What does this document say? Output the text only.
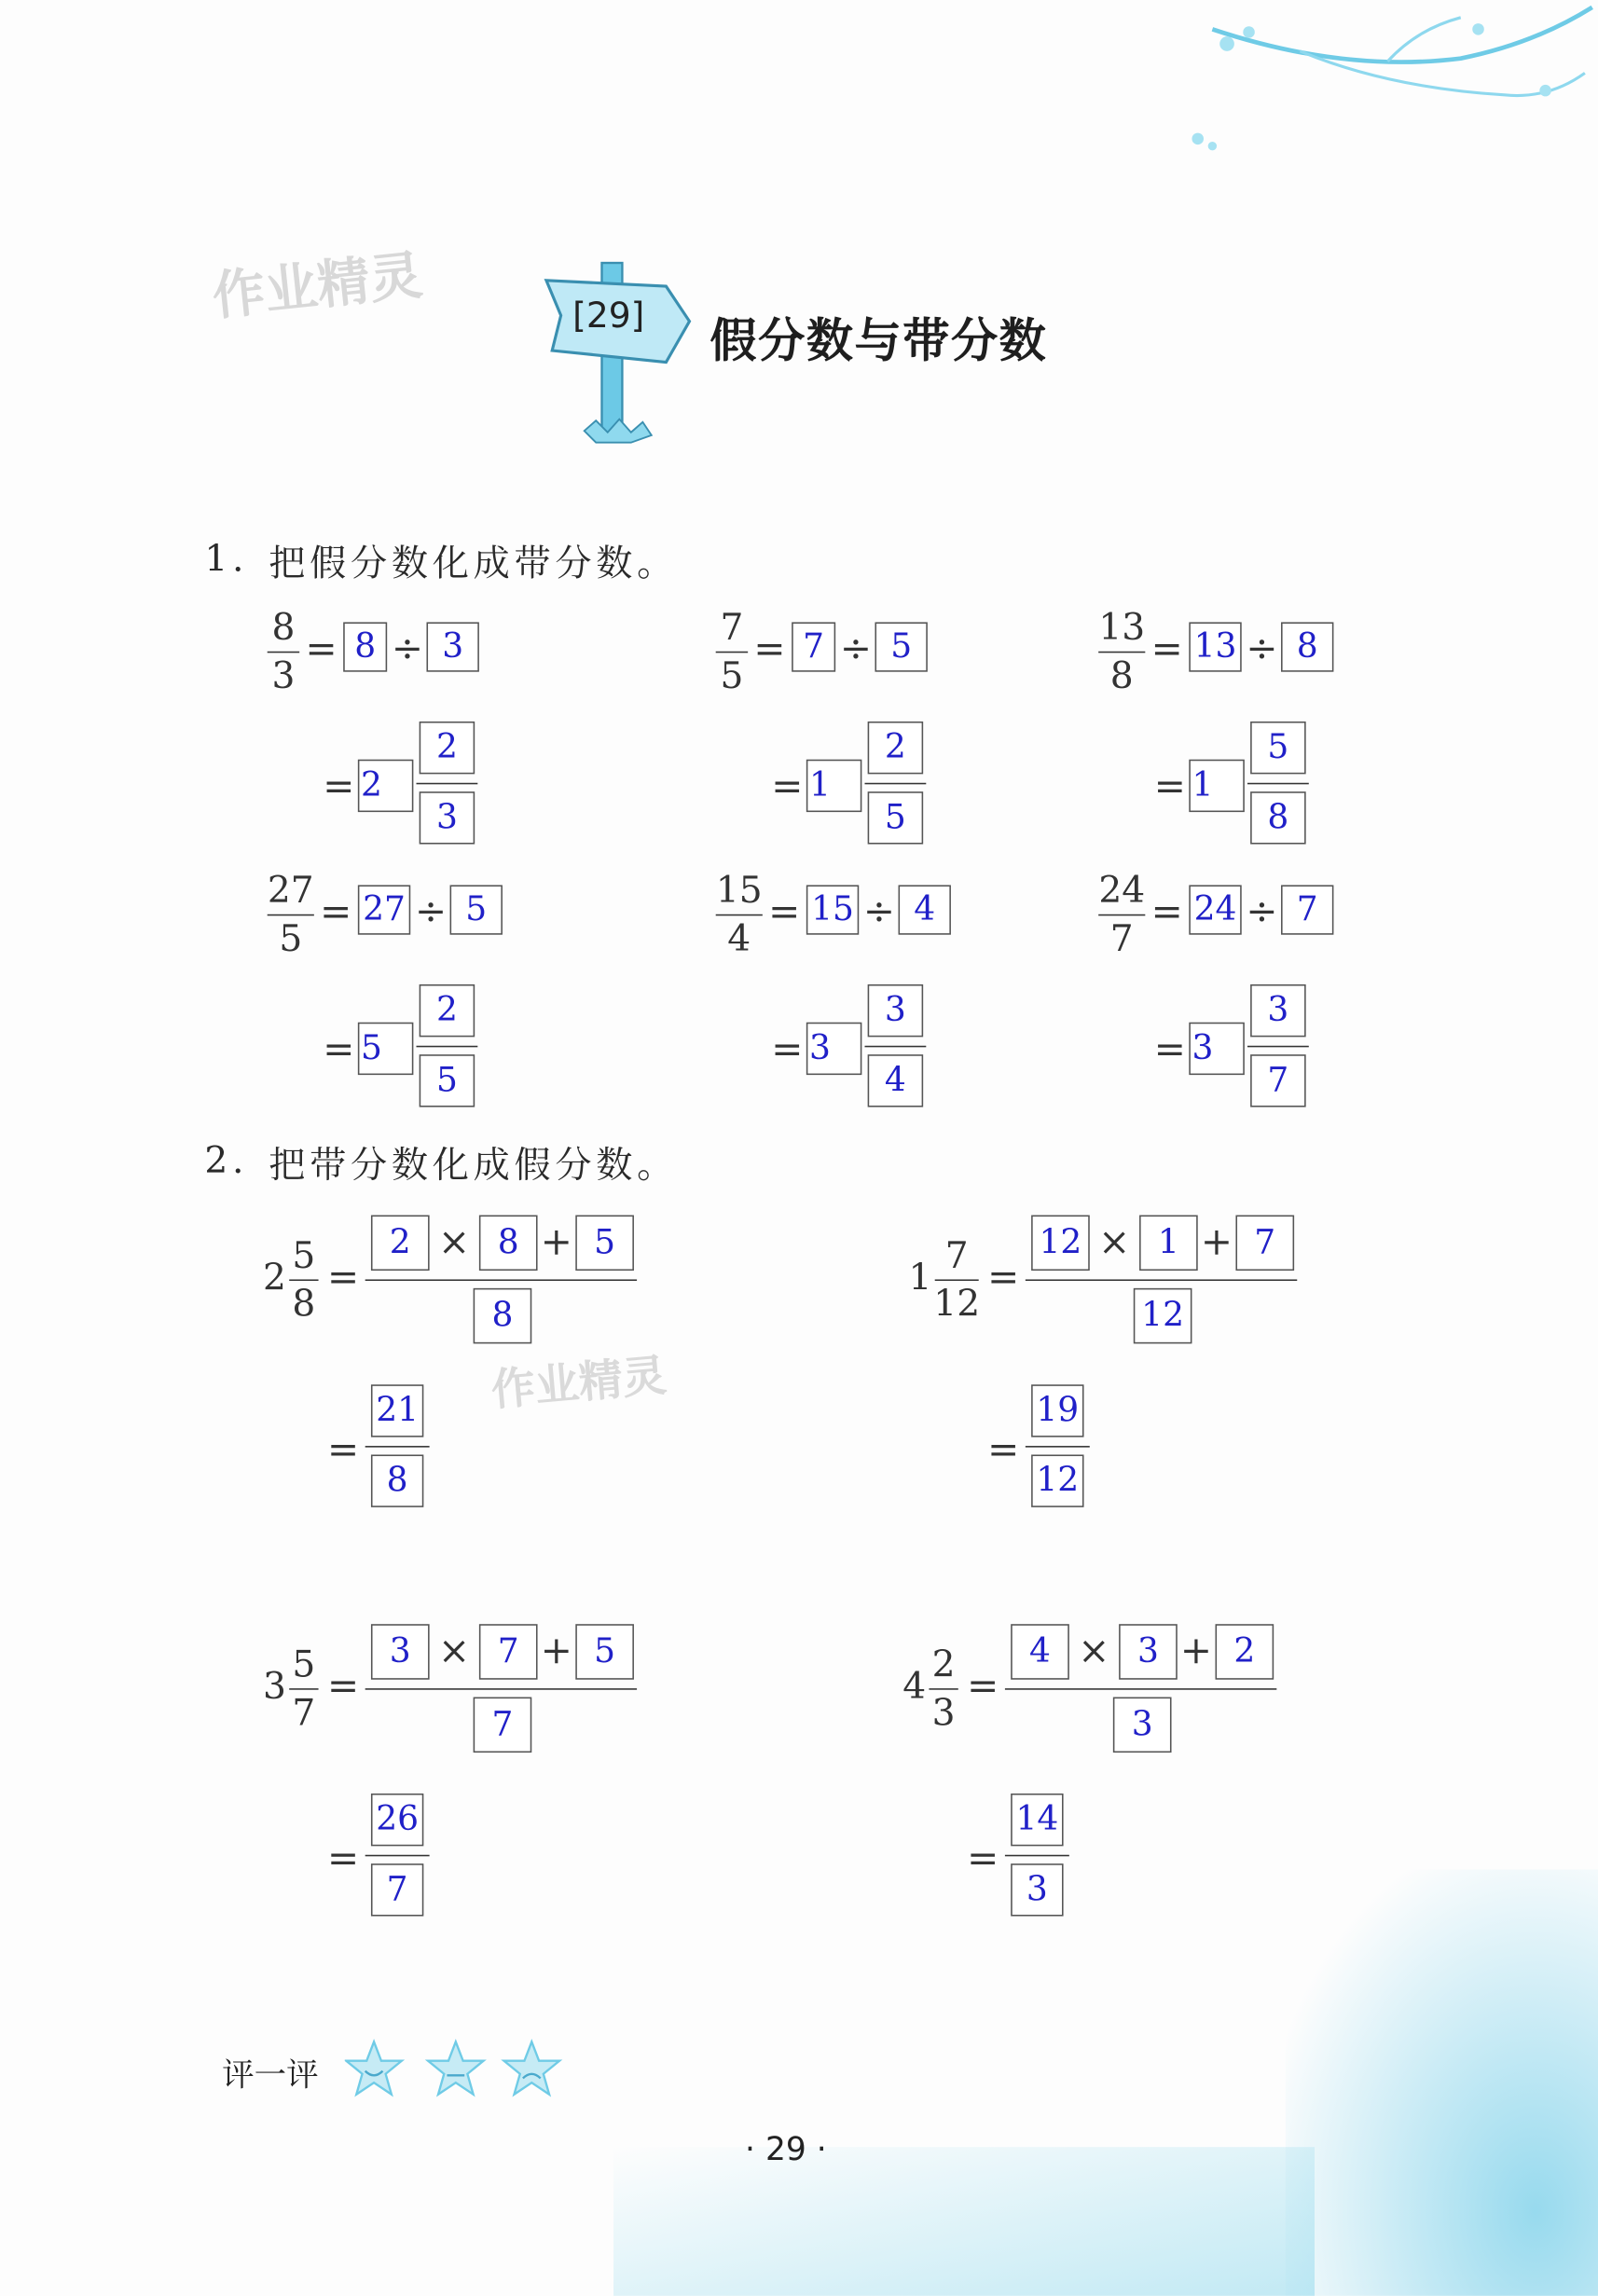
作业精灵	[29] 假分数与带分数
1. 把假分数化成带分数。
8
3
= 8 ÷ 3
= 2
2
3
7
5
= 7 ÷ 5
= 1
2
5
13
8
= 13 ÷ 8
= 1
5
8
27
5
= 27 ÷ 5
= 5
2
5
15
4
= 15 ÷ 4
= 3
3
4
24
7
= 24 ÷ 7
= 3
3
7
2. 把带分数化成假分数。
2
5
8
=
2	×	8 +	5
8
=
21
8
1
7
12
=
12 ×	1 +	7
12
=
19
12
3
5
7
=
3	×	7 +	5
7
=
26
7
4
2
3
=
4	×	3 +	2
3
=
14
3
作业精灵
评一评
· 29 ·
